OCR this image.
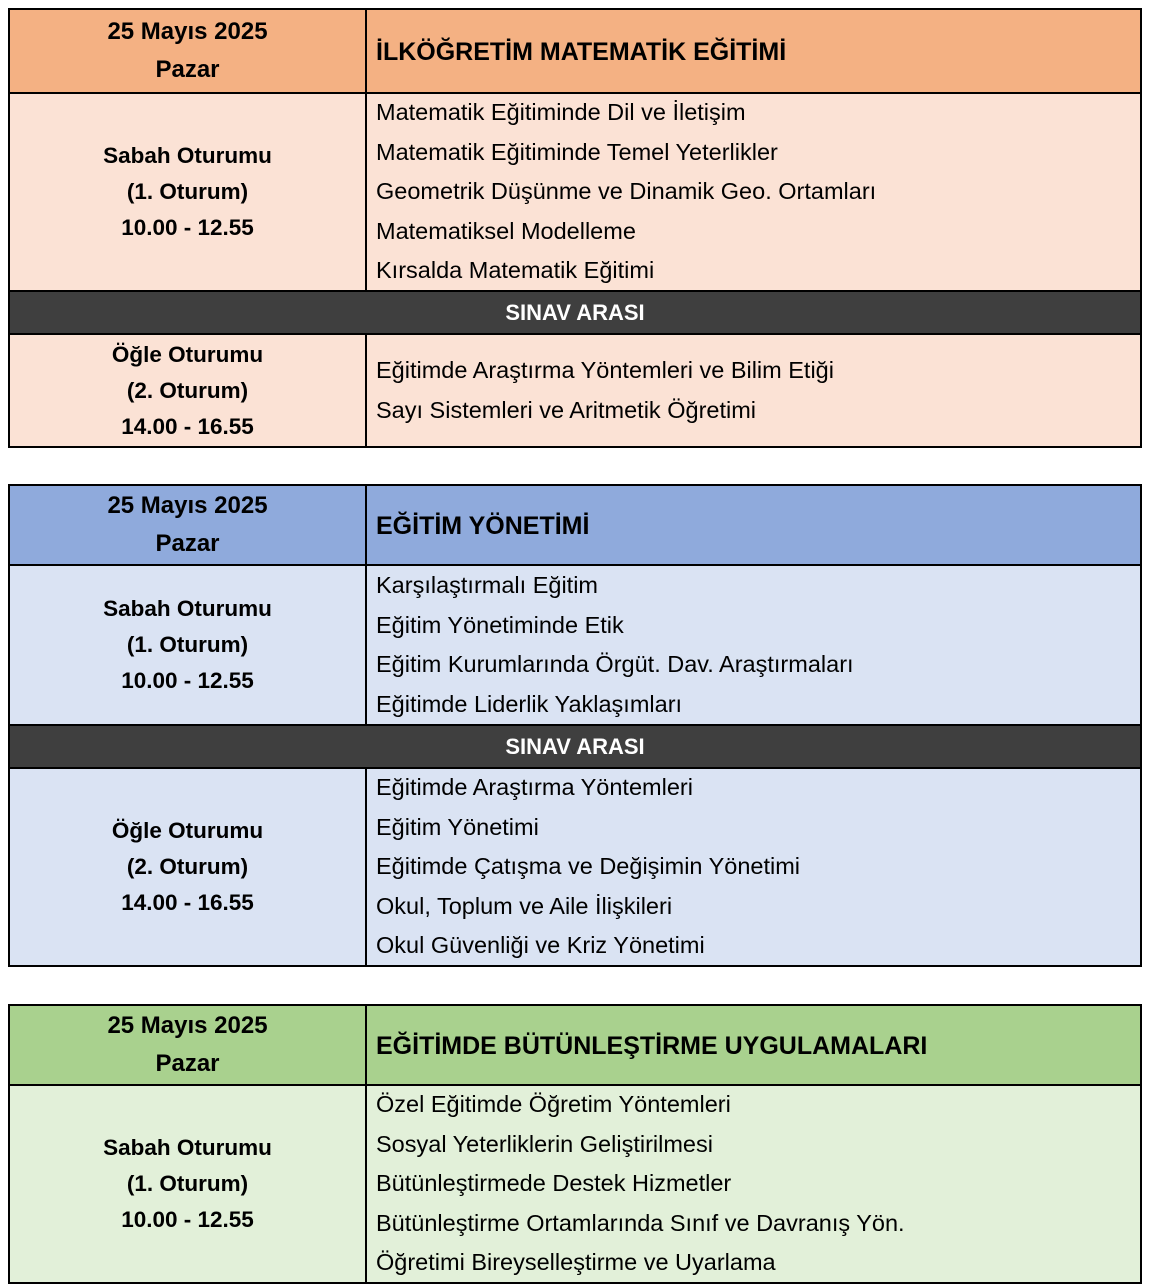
25 Mayıs 2025
Pazar
İLKÖĞRETİM MATEMATİK EĞİTİMİ
Sabah Oturumu
(1. Oturum)
10.00 - 12.55
Matematik Eğitiminde Dil ve İletişim
Matematik Eğitiminde Temel Yeterlikler
Geometrik Düşünme ve Dinamik Geo. Ortamları
Matematiksel Modelleme
Kırsalda Matematik Eğitimi
SINAV ARASI
Öğle Oturumu
(2. Oturum)
14.00 - 16.55
Eğitimde Araştırma Yöntemleri ve Bilim Etiği
Sayı Sistemleri ve Aritmetik Öğretimi
25 Mayıs 2025
Pazar
EĞİTİM YÖNETİMİ
Sabah Oturumu
(1. Oturum)
10.00 - 12.55
Karşılaştırmalı Eğitim
Eğitim Yönetiminde Etik
Eğitim Kurumlarında Örgüt. Dav. Araştırmaları
Eğitimde Liderlik Yaklaşımları
SINAV ARASI
Öğle Oturumu
(2. Oturum)
14.00 - 16.55
Eğitimde Araştırma Yöntemleri
Eğitim Yönetimi
Eğitimde Çatışma ve Değişimin Yönetimi
Okul, Toplum ve Aile İlişkileri
Okul Güvenliği ve Kriz Yönetimi
25 Mayıs 2025
Pazar
EĞİTİMDE BÜTÜNLEŞTİRME UYGULAMALARI
Sabah Oturumu
(1. Oturum)
10.00 - 12.55
Özel Eğitimde Öğretim Yöntemleri
Sosyal Yeterliklerin Geliştirilmesi
Bütünleştirmede Destek Hizmetler
Bütünleştirme Ortamlarında Sınıf ve Davranış Yön.
Öğretimi Bireyselleştirme ve Uyarlama
